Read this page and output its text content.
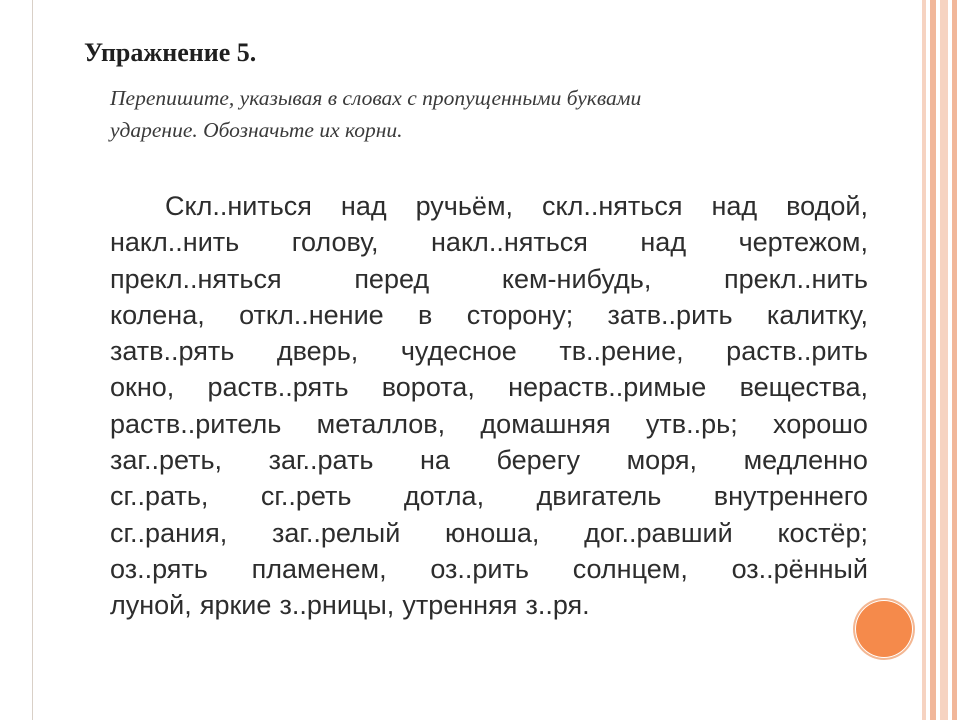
Упражнение 5.
Перепишите, указывая в словах с пропущенными буквами
ударение. Обозначьте их корни.
Скл..ниться над ручьём, скл..няться над водой,
накл..нить голову, накл..няться над чертежом,
прекл..няться	перед	кем-нибудь,	прекл..нить
колена, откл..нение в сторону; затв..рить калитку,
затв..рять дверь, чудесное тв..рение, раств..рить
окно, раств..рять ворота, нераств..римые вещества,
раств..ритель металлов, домашняя утв..рь; хорошо
заг..реть, заг..рать на берегу моря, медленно
сг..рать, сг..реть дотла, двигатель внутреннего
сг..рания, заг..релый юноша, дог..равший костёр;
оз..рять пламенем, оз..рить солнцем, оз..рённый
луной, яркие з..рницы, утренняя з..ря.
